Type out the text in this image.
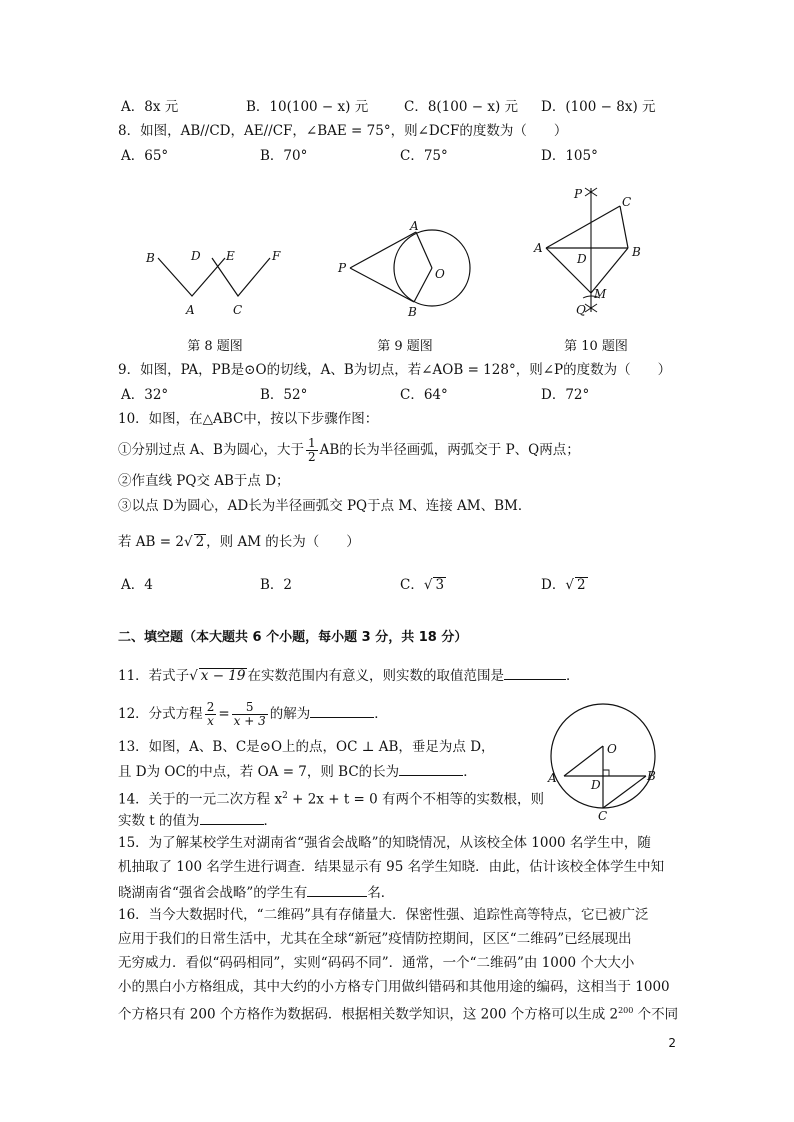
A．8x 元	B．10(100 − x) 元	C．8(100 − x) 元 D．(100 − 8x) 元
8．如图，AB//CD，AE//CF，∠BAE = 75°，则∠DCF的度数为（　　）
A．65°	B．70°	C．75°	D．105°
B	D E	F
A	C
第 8 题图
A
P	O
B
第 9 题图
P
C
A	B
D
M
Q
第 10 题图
9．如图，PA，PB是⊙O的切线，A、B为切点，若∠AOB = 128°，则∠P的度数为（　　）
A．32°	B．52°	C．64°	D．72°
10．如图，在△ABC中，按以下步骤作图：
①分别过点 A、B为圆心，大于 $\frac{1}{2}$ AB的长为半径画弧，两弧交于 P、Q两点；
②作直线 PQ交 AB于点 D；
③以点 D为圆心，AD长为半径画弧交 PQ于点 M、连接 AM、BM．
若 AB = 2√ 2 ，则 AM 的长为（　　）
A．4	B．2	C．√ 3	D．√ 2
二、填空题（本大题共 6 个小题，每小题 3 分，共 18 分）
11．若式子√ x − 19 在实数范围内有意义，则实数的取值范围是	．
12．分式方程 $\frac{2}{x} = \frac{5}{x + 3}$ 的解为	．
13．如图，A、B、C是⊙O上的点，OC ⊥ AB，垂足为点 D，
且 D为 OC的中点，若 OA = 7，则 BC的长为	．
O
A	D
B
C
14．关于的一元二次方程 $x^2 + 2x + t = 0$ 有两个不相等的实数根，则
实数 t 的值为	．
15．为了解某校学生对湖南省“强省会战略”的知晓情况，从该校全体 1000 名学生中，随
机抽取了 100 名学生进行调查．结果显示有 95 名学生知晓．由此，估计该校全体学生中知
晓湖南省“强省会战略”的学生有	名．
16．当今大数据时代，“二维码”具有存储量大．保密性强、追踪性高等特点，它已被广泛
应用于我们的日常生活中，尤其在全球“新冠”疫情防控期间，区区“二维码”已经展现出
无穷威力．看似“码码相同”，实则“码码不同”．通常，一个“二维码”由 1000 个大大小
小的黑白小方格组成，其中大约的小方格专门用做纠错码和其他用途的编码，这相当于 1000
个方格只有 200 个方格作为数据码．根据相关数学知识，这 200 个方格可以生成 $2^{200}$ 个不同
2
